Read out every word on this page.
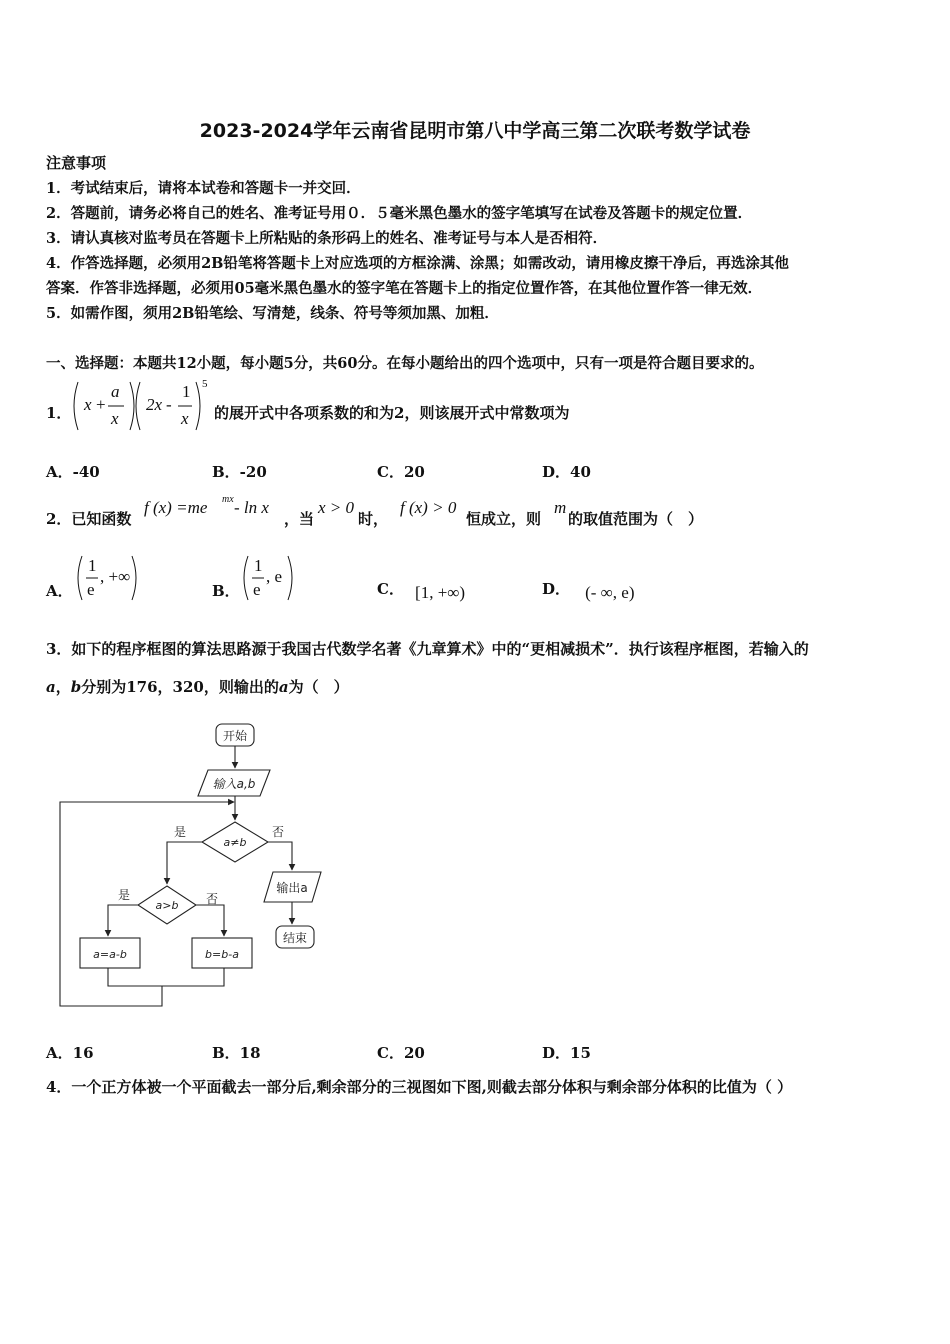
2023-2024学年云南省昆明市第八中学高三第二次联考数学试卷
注意事项
1．考试结束后，请将本试卷和答题卡一并交回．
2．答题前，请务必将自己的姓名、准考证号用０．５毫米黑色墨水的签字笔填写在试卷及答题卡的规定位置．
3．请认真核对监考员在答题卡上所粘贴的条形码上的姓名、准考证号与本人是否相符．
4．作答选择题，必须用2B铅笔将答题卡上对应选项的方框涂满、涂黑；如需改动，请用橡皮擦干净后，再选涂其他
答案．作答非选择题，必须用05毫米黑色墨水的签字笔在答题卡上的指定位置作答，在其他位置作答一律无效．
5．如需作图，须用2B铅笔绘、写清楚，线条、符号等须加黑、加粗．
一、选择题：本题共12小题，每小题5分，共60分。在每小题给出的四个选项中，只有一项是符合题目要求的。
1． x +
a
x
2x -
1
x
5
的展开式中各项系数的和为2，则该展开式中常数项为
A．-40	B．-20	C．20	D．40
2．已知函数
f (x) =me mx - ln x
，当
x > 0
时，
f (x) > 0
恒成立，则
m
的取值范围为（　）
A．
1
e
, +∞
B．
1
e
, e
C． [1, +∞)	D． (- ∞, e)
3．如下的程序框图的算法思路源于我国古代数学名著《九章算术》中的“更相减损术”．执行该程序框图，若输入的
a，b分别为176，320，则输出的a为（　）
开始
输入a,b
a≠b
是	否
输出a
结束
a>b
是	否
a=a-b	b=b-a
A．16	B．18	C．20	D．15
4．一个正方体被一个平面截去一部分后,剩余部分的三视图如下图,则截去部分体积与剩余部分体积的比值为（ ）
